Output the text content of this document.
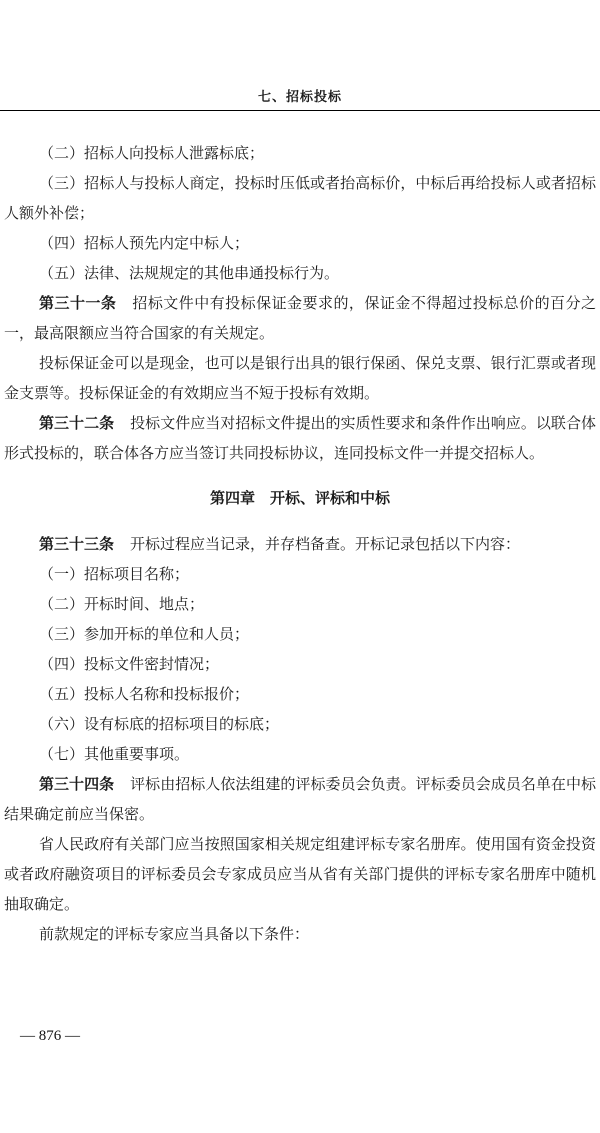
七、招标投标
（二）招标人向投标人泄露标底；
（三）招标人与投标人商定，投标时压低或者抬高标价，中标后再给投标人或者招标人额外补偿；
（四）招标人预先内定中标人；
（五）法律、法规规定的其他串通投标行为。
第三十一条 招标文件中有投标保证金要求的，保证金不得超过投标总价的百分之一，最高限额应当符合国家的有关规定。
投标保证金可以是现金，也可以是银行出具的银行保函、保兑支票、银行汇票或者现金支票等。投标保证金的有效期应当不短于投标有效期。
第三十二条 投标文件应当对招标文件提出的实质性要求和条件作出响应。以联合体形式投标的，联合体各方应当签订共同投标协议，连同投标文件一并提交招标人。
第四章　开标、评标和中标
第三十三条 开标过程应当记录，并存档备查。开标记录包括以下内容：
（一）招标项目名称；
（二）开标时间、地点；
（三）参加开标的单位和人员；
（四）投标文件密封情况；
（五）投标人名称和投标报价；
（六）设有标底的招标项目的标底；
（七）其他重要事项。
第三十四条 评标由招标人依法组建的评标委员会负责。评标委员会成员名单在中标结果确定前应当保密。
省人民政府有关部门应当按照国家相关规定组建评标专家名册库。使用国有资金投资或者政府融资项目的评标委员会专家成员应当从省有关部门提供的评标专家名册库中随机抽取确定。
前款规定的评标专家应当具备以下条件：
— 876 —
